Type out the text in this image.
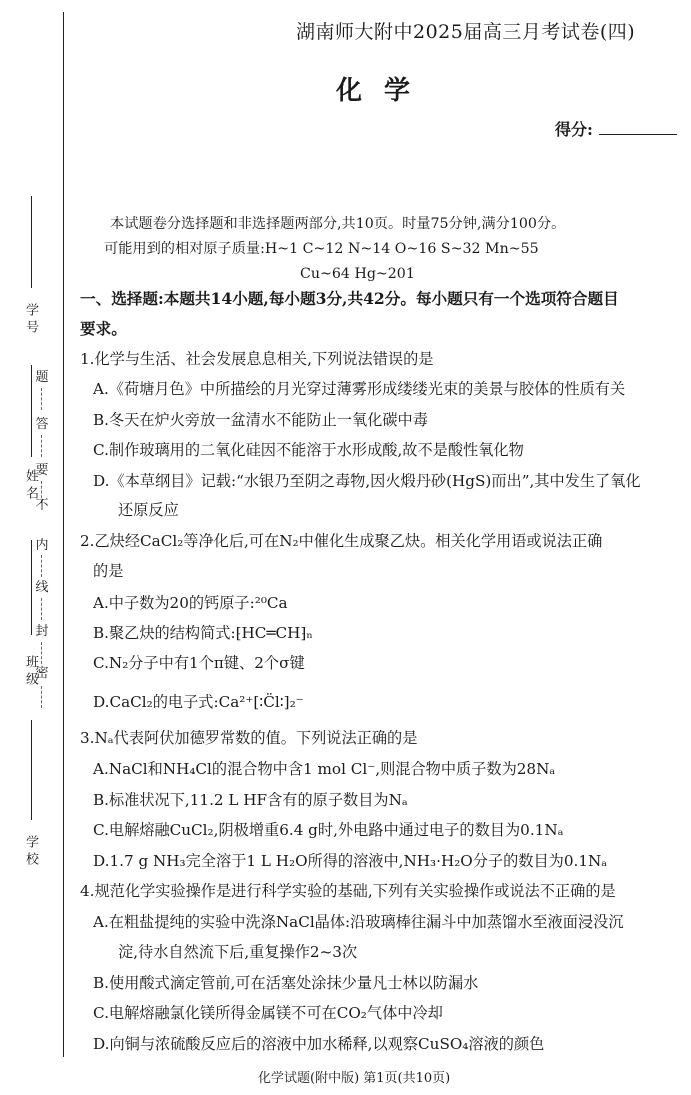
学 号
姓 名
班 级
学 校
题
答
要
不
内
线
封
密
湖南师大附中2025届高三月考试卷(四)
化学
得分:
本试题卷分选择题和非选择题两部分,共10页。时量75分钟,满分100分。
可能用到的相对原子质量:H~1 C~12 N~14 O~16 S~32 Mn~55
Cu~64 Hg~201
一、选择题:本题共14小题,每小题3分,共42分。每小题只有一个选项符合题目
要求。
1.化学与生活、社会发展息息相关,下列说法错误的是
A.《荷塘月色》中所描绘的月光穿过薄雾形成缕缕光束的美景与胶体的性质有关
B.冬天在炉火旁放一盆清水不能防止一氧化碳中毒
C.制作玻璃用的二氧化硅因不能溶于水形成酸,故不是酸性氧化物
D.《本草纲目》记载:“水银乃至阴之毒物,因火煅丹砂(HgS)而出”,其中发生了氧化
还原反应
2.乙炔经CaCl₂等净化后,可在N₂中催化生成聚乙炔。相关化学用语或说法正确
的是
A.中子数为20的钙原子:²⁰Ca
B.聚乙炔的结构简式:⁅HC═CH⁆ₙ
C.N₂分子中有1个π键、2个σ键
D.CaCl₂的电子式:Ca²⁺[∶C̈l∶]₂⁻
3.Nₐ代表阿伏加德罗常数的值。下列说法正确的是
A.NaCl和NH₄Cl的混合物中含1 mol Cl⁻,则混合物中质子数为28Nₐ
B.标准状况下,11.2 L HF含有的原子数目为Nₐ
C.电解熔融CuCl₂,阴极增重6.4 g时,外电路中通过电子的数目为0.1Nₐ
D.1.7 g NH₃完全溶于1 L H₂O所得的溶液中,NH₃·H₂O分子的数目为0.1Nₐ
4.规范化学实验操作是进行科学实验的基础,下列有关实验操作或说法不正确的是
A.在粗盐提纯的实验中洗涤NaCl晶体:沿玻璃棒往漏斗中加蒸馏水至液面浸没沉
淀,待水自然流下后,重复操作2~3次
B.使用酸式滴定管前,可在活塞处涂抹少量凡士林以防漏水
C.电解熔融氯化镁所得金属镁不可在CO₂气体中冷却
D.向铜与浓硫酸反应后的溶液中加水稀释,以观察CuSO₄溶液的颜色
化学试题(附中版) 第1页(共10页)
